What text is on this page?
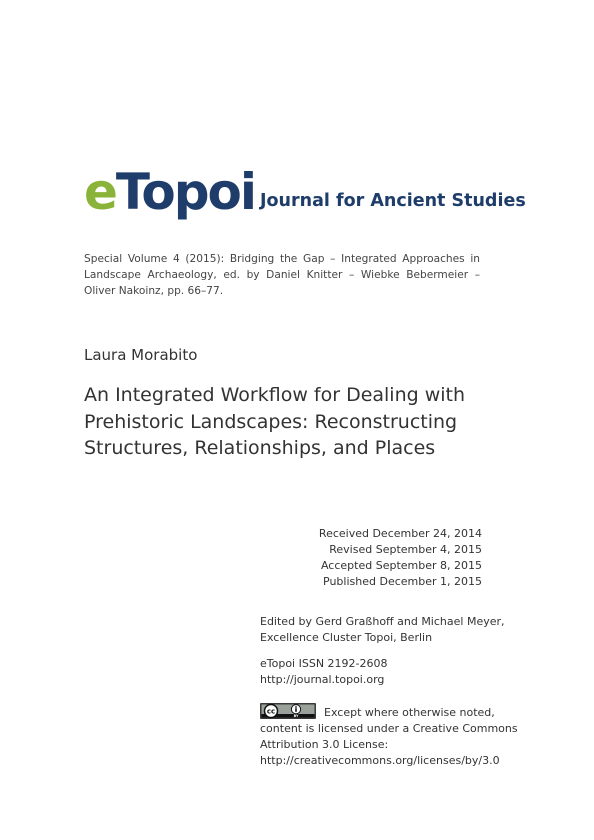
eTopoi Journal for Ancient Studies
Special Volume 4 (2015): Bridging the Gap – Integrated Approaches in Landscape Archaeology, ed. by Daniel Knitter – Wiebke Bebermeier – Oliver Nakoinz, pp. 66–77.
Laura Morabito
An Integrated Workflow for Dealing with
Prehistoric Landscapes: Reconstructing
Structures, Relationships, and Places
Received December 24, 2014
Revised September 4, 2015
Accepted September 8, 2015
Published December 1, 2015
Edited by Gerd Graßhoff and Michael Meyer,
Excellence Cluster Topoi, Berlin
eTopoi ISSN 2192-2608
http://journal.topoi.org
cc
BY Except where otherwise noted,
content is licensed under a Creative Commons
Attribution 3.0 License:
http://creativecommons.org/licenses/by/3.0
